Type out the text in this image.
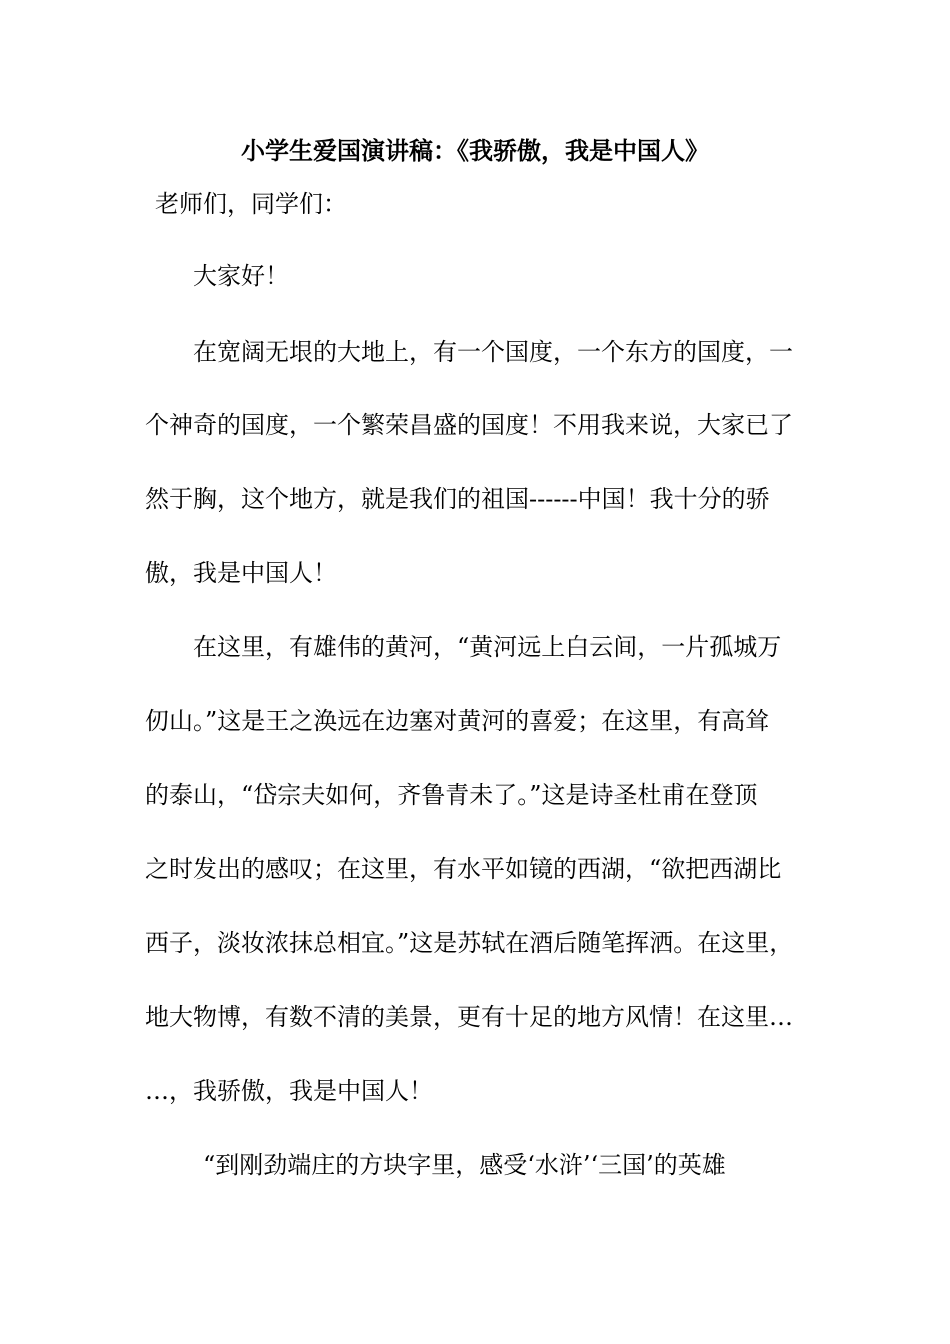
小学生爱国演讲稿：《我骄傲，我是中国人》
老师们，同学们：
大家好！
在宽阔无垠的大地上，有一个国度，一个东方的国度，一
个神奇的国度，一个繁荣昌盛的国度！不用我来说，大家已了
然于胸，这个地方，就是我们的祖国------中国！我十分的骄
傲，我是中国人！
在这里，有雄伟的黄河，“黄河远上白云间，一片孤城万
仞山。”这是王之涣远在边塞对黄河的喜爱；在这里，有高耸
的泰山，“岱宗夫如何，齐鲁青未了。”这是诗圣杜甫在登顶
之时发出的感叹；在这里，有水平如镜的西湖，“欲把西湖比
西子，淡妆浓抹总相宜。”这是苏轼在酒后随笔挥洒。在这里，
地大物博，有数不清的美景，更有十足的地方风情！在这里…
…，我骄傲，我是中国人！
“到刚劲端庄的方块字里，感受‘水浒’‘三国’的英雄
